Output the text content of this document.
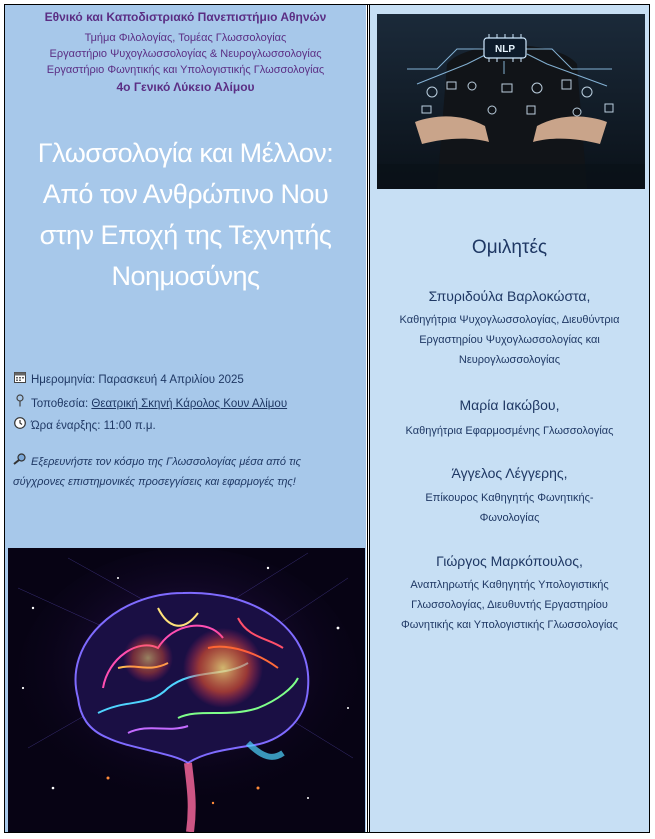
Εθνικό και Καποδιστριακό Πανεπιστήμιο Αθηνών
Τμήμα Φιλολογίας, Τομέας Γλωσσολογίας
Εργαστήριο Ψυχογλωσσολογίας & Νευρογλωσσολογίας
Εργαστήριο Φωνητικής και Υπολογιστικής Γλωσσολογίας
4ο Γενικό Λύκειο Αλίμου
Γλωσσολογία και Μέλλον:
Από τον Ανθρώπινο Νου
στην Εποχή της Τεχνητής
Νοημοσύνης
Ημερομηνία: Παρασκευή 4 Απριλίου 2025
Τοποθεσία: Θεατρική Σκηνή Κάρολος Κουν Αλίμου
Ώρα έναρξης: 11:00 π.μ.
Εξερευνήστε τον κόσμο της Γλωσσολογίας μέσα από τις
σύγχρονες επιστημονικές προσεγγίσεις και εφαρμογές της!
NLP
Ομιλητές
Σπυριδούλα Βαρλοκώστα,
Καθηγήτρια Ψυχογλωσσολογίας, Διευθύντρια
Εργαστηρίου Ψυχογλωσσολογίας και
Νευρογλωσσολογίας
Μαρία Ιακώβου,
Καθηγήτρια Εφαρμοσμένης Γλωσσολογίας
Άγγελος Λέγγερης,
Επίκουρος Καθηγητής Φωνητικής-
Φωνολογίας
Γιώργος Μαρκόπουλος,
Αναπληρωτής Καθηγητής Υπολογιστικής
Γλωσσολογίας, Διευθυντής Εργαστηρίου
Φωνητικής και Υπολογιστικής Γλωσσολογίας
